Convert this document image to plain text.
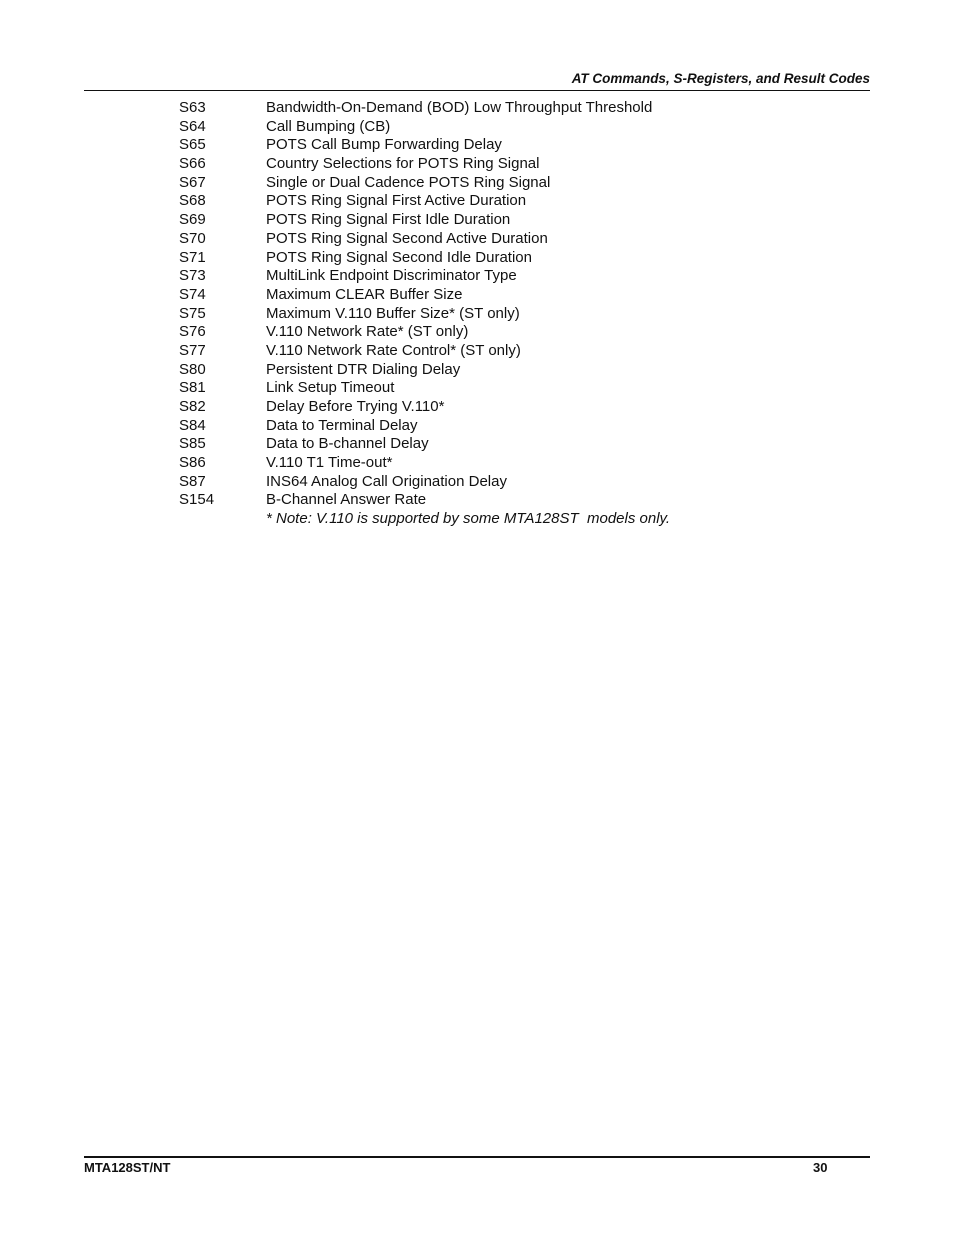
AT Commands, S-Registers, and Result Codes
S63	Bandwidth-On-Demand (BOD) Low Throughput Threshold
S64	Call Bumping (CB)
S65	POTS Call Bump Forwarding Delay
S66	Country Selections for POTS Ring Signal
S67	Single or Dual Cadence POTS Ring Signal
S68	POTS Ring Signal First Active Duration
S69	POTS Ring Signal First Idle Duration
S70	POTS Ring Signal Second Active Duration
S71	POTS Ring Signal Second Idle Duration
S73	MultiLink Endpoint Discriminator Type
S74	Maximum CLEAR Buffer Size
S75	Maximum V.110 Buffer Size* (ST only)
S76	V.110 Network Rate* (ST only)
S77	V.110 Network Rate Control* (ST only)
S80	Persistent DTR Dialing Delay
S81	Link Setup Timeout
S82	Delay Before Trying V.110*
S84	Data to Terminal Delay
S85	Data to B-channel Delay
S86	V.110 T1 Time-out*
S87	INS64 Analog Call Origination Delay
S154	B-Channel Answer Rate
* Note: V.110 is supported by some MTA128ST  models only.
MTA128ST/NT	30
